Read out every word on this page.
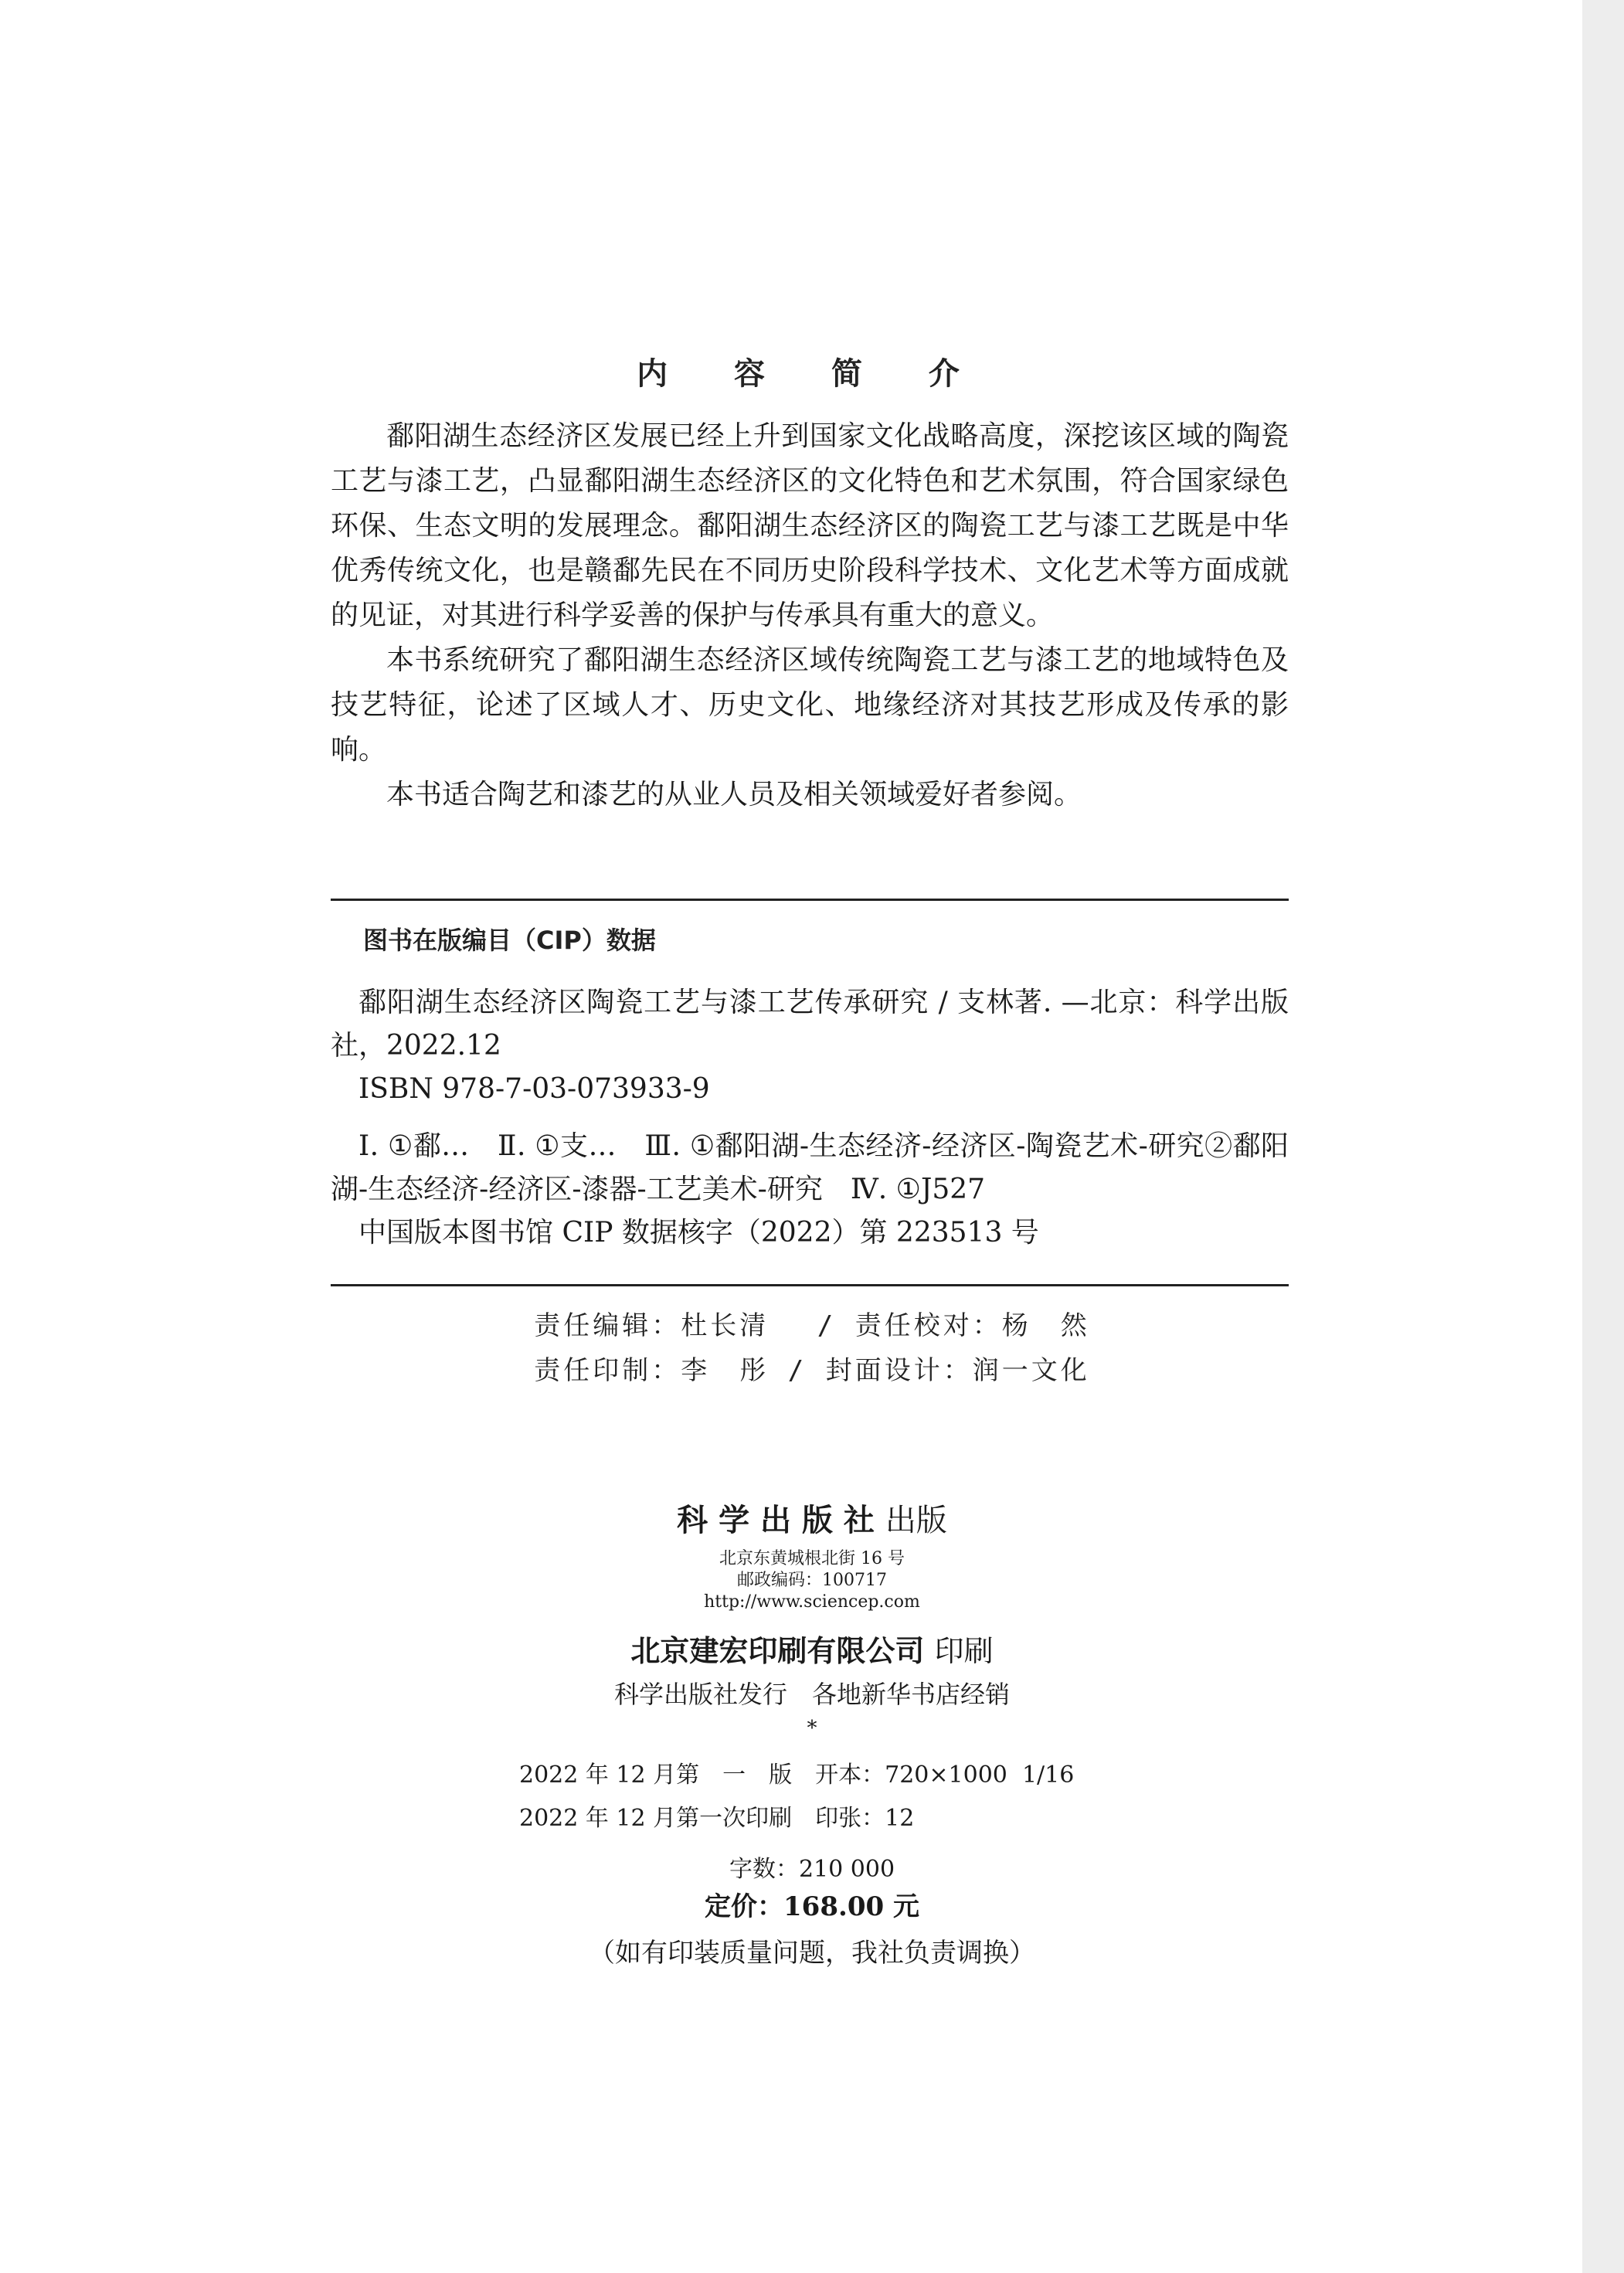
内 容 简 介

鄱阳湖生态经济区发展已经上升到国家文化战略高度，深挖该区域的陶瓷工艺与漆工艺，凸显鄱阳湖生态经济区的文化特色和艺术氛围，符合国家绿色环保、生态文明的发展理念。鄱阳湖生态经济区的陶瓷工艺与漆工艺既是中华优秀传统文化，也是赣鄱先民在不同历史阶段科学技术、文化艺术等方面成就的见证，对其进行科学妥善的保护与传承具有重大的意义。

本书系统研究了鄱阳湖生态经济区域传统陶瓷工艺与漆工艺的地域特色及技艺特征，论述了区域人才、历史文化、地缘经济对其技艺形成及传承的影响。

本书适合陶艺和漆艺的从业人员及相关领域爱好者参阅。

图书在版编目（CIP）数据

鄱阳湖生态经济区陶瓷工艺与漆工艺传承研究 / 支林著. —北京：科学出版社，2022.12

ISBN 978-7-03-073933-9

Ⅰ. ①鄱…　Ⅱ. ①支…　Ⅲ. ①鄱阳湖-生态经济-经济区-陶瓷艺术-研究②鄱阳湖-生态经济-经济区-漆器-工艺美术-研究　Ⅳ. ①J527

中国版本图书馆 CIP 数据核字（2022）第 223513 号

责任编辑：杜长清　 / 责任校对：杨　然
责任印制：李　彤 / 封面设计：润一文化
科 学 出 版 社 出版
北京东黄城根北街 16 号
邮政编码：100717
http://www.sciencep.com
北京建宏印刷有限公司 印刷
科学出版社发行　各地新华书店经销
*
2022 年 12 月第　一　版　开本：720×1000  1/16
2022 年 12 月第一次印刷　印张：12
字数：210 000
定价：168.00 元
（如有印装质量问题，我社负责调换）
